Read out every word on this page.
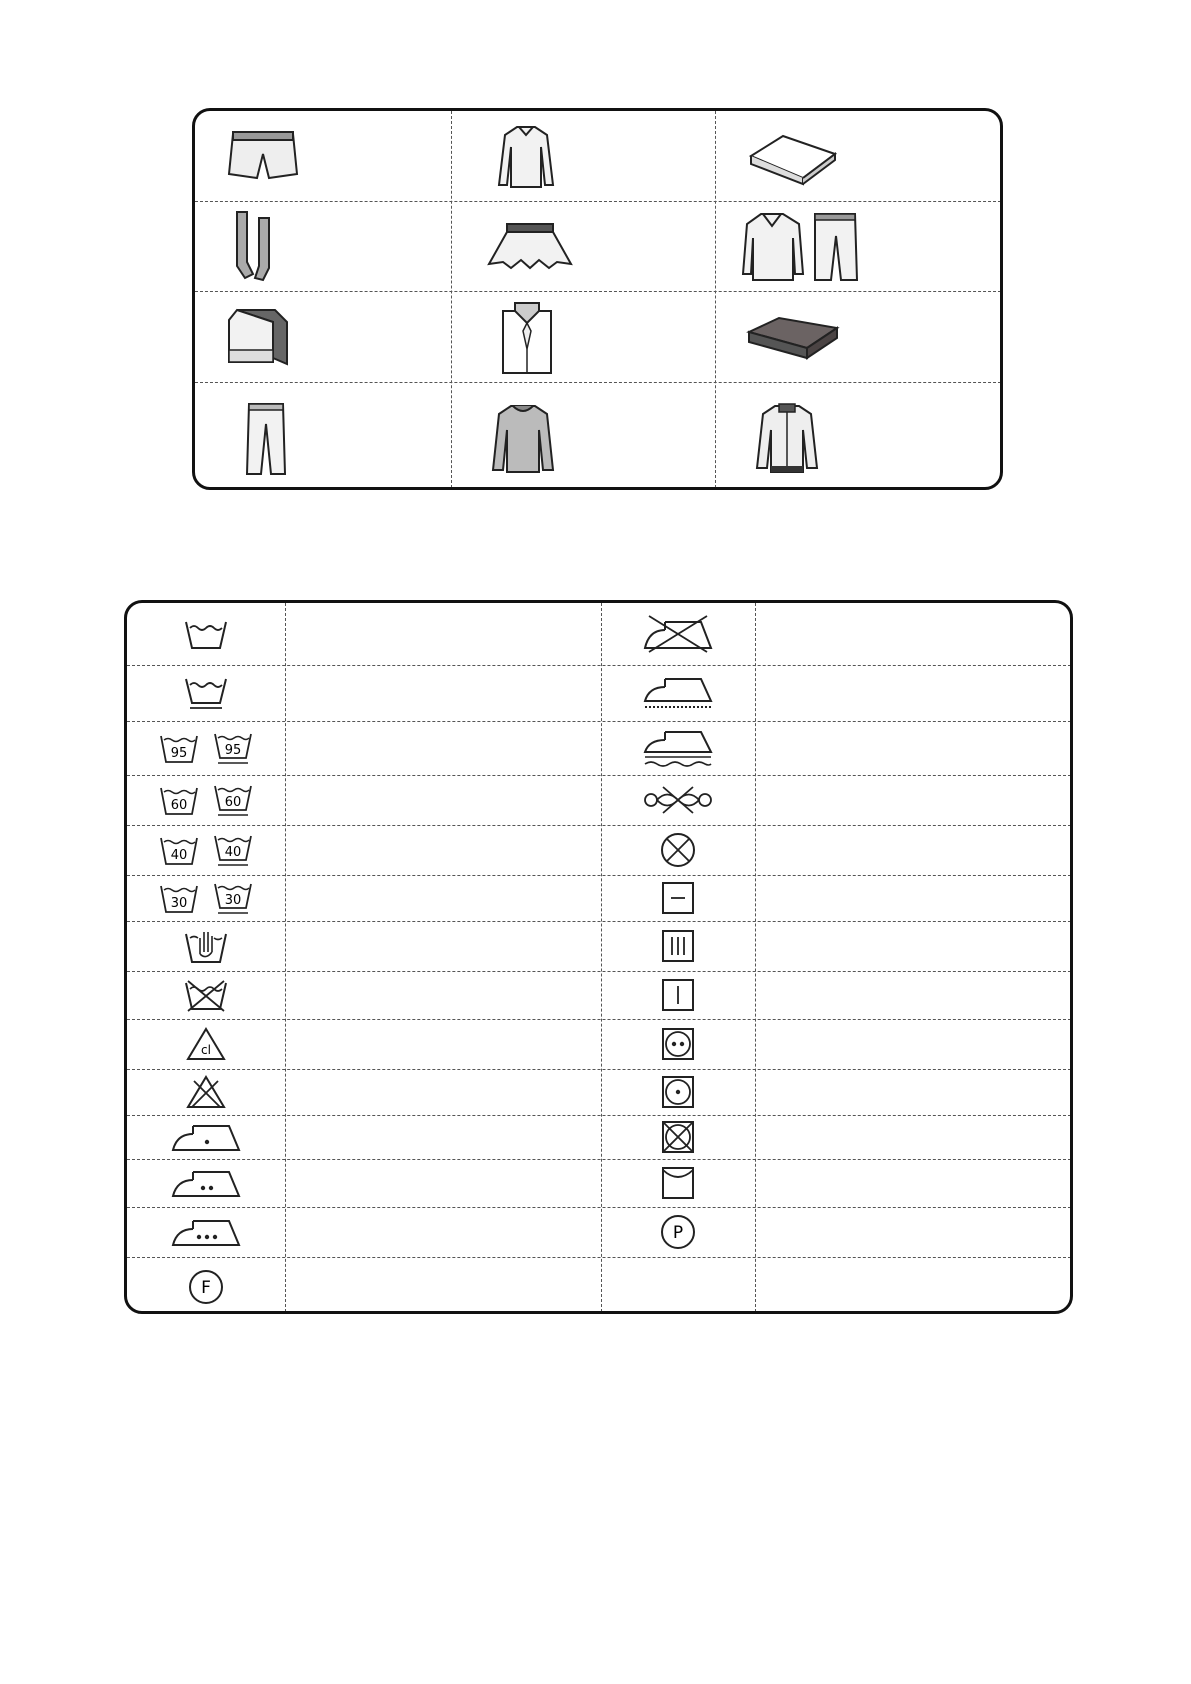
95	95
60	60
40	40
30	30
cl
F
P
